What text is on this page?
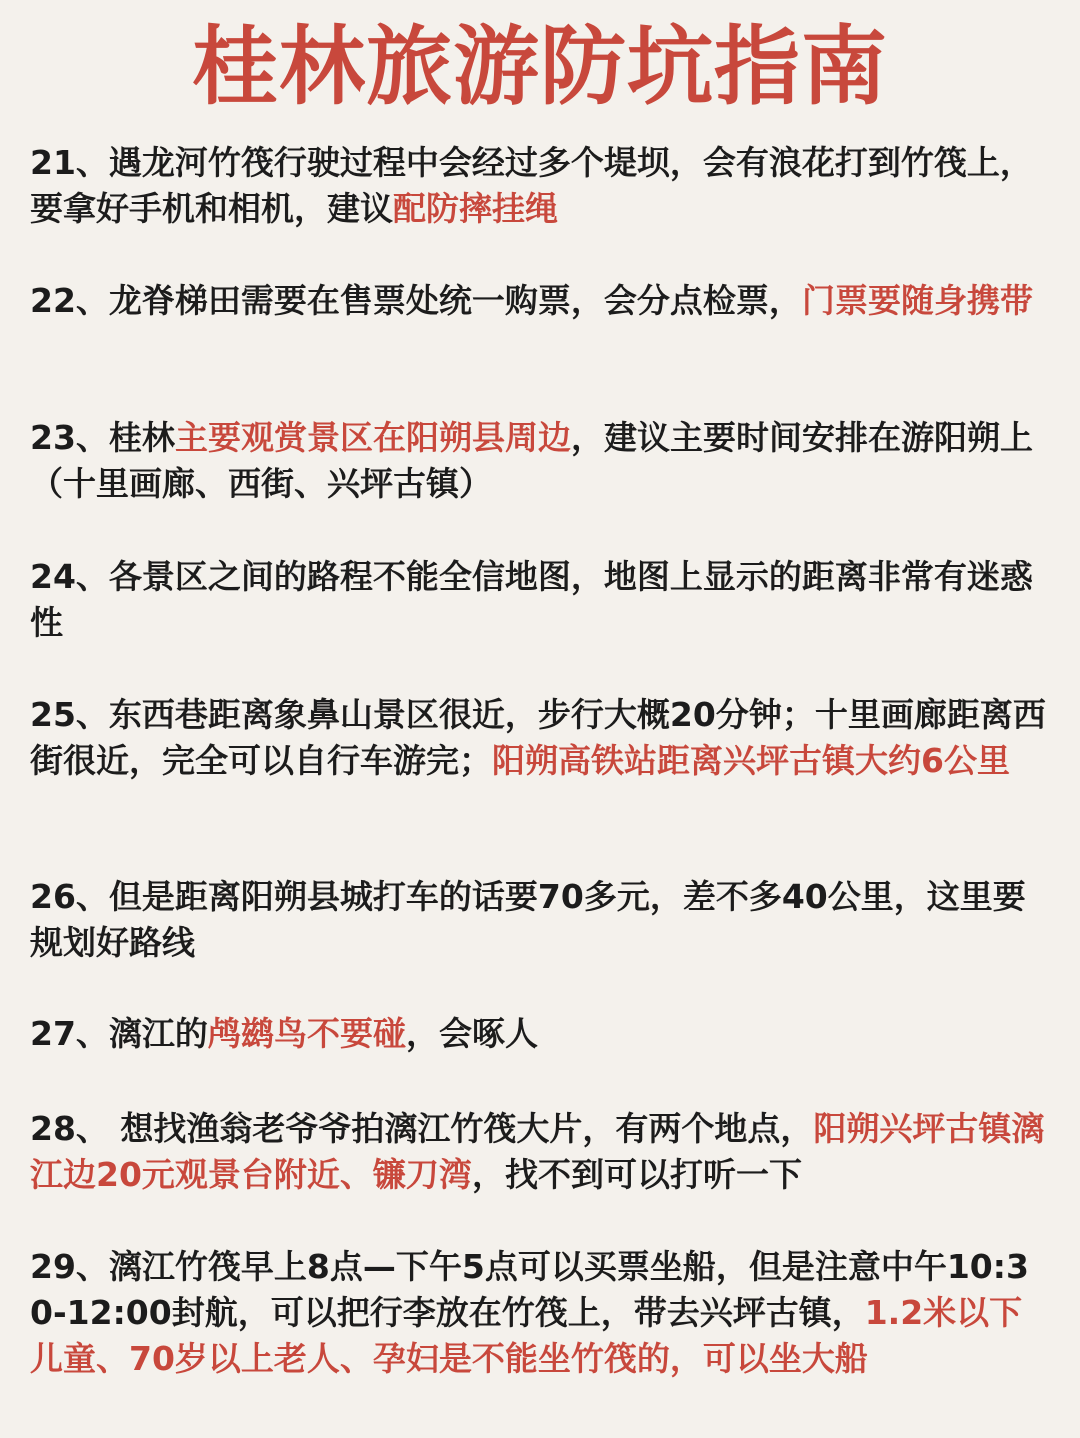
桂林旅游防坑指南

21、遇龙河竹筏行驶过程中会经过多个堤坝，会有浪花打到竹筏上，要拿好手机和相机，建议配防摔挂绳

22、龙脊梯田需要在售票处统一购票，会分点检票，门票要随身携带

23、桂林主要观赏景区在阳朔县周边，建议主要时间安排在游阳朔上（十里画廊、西街、兴坪古镇）

24、各景区之间的路程不能全信地图，地图上显示的距离非常有迷惑性

25、东西巷距离象鼻山景区很近，步行大概20分钟；十里画廊距离西街很近，完全可以自行车游完；阳朔高铁站距离兴坪古镇大约6公里

26、但是距离阳朔县城打车的话要70多元，差不多40公里，这里要规划好路线

27、漓江的鸬鹚鸟不要碰，会啄人

28、 想找渔翁老爷爷拍漓江竹筏大片，有两个地点，阳朔兴坪古镇漓江边20元观景台附近、镰刀湾，找不到可以打听一下

29、漓江竹筏早上8点—下午5点可以买票坐船，但是注意中午10:30-12:00封航，可以把行李放在竹筏上，带去兴坪古镇，1.2米以下儿童、70岁以上老人、孕妇是不能坐竹筏的，可以坐大船
